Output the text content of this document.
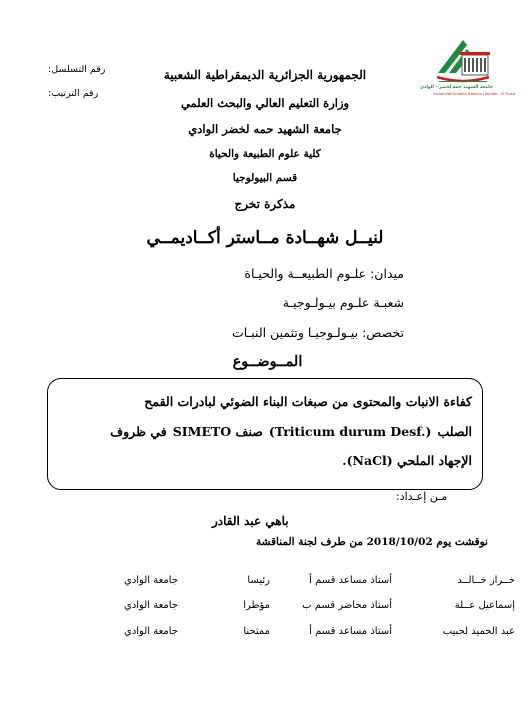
رقم التسلسل:
رقم الترتيب:
جامعة الشهيد حمه لخضر - الوادي
Université Echahid Hamma Lakhdar - El Oued
الجمهورية الجزائرية الديمقراطية الشعبية
وزارة التعليم العالي والبحث العلمي
جامعة الشهيد حمه لخضر الوادي
كلية علوم الطبيعة والحياة
قسم البيولوجيا
مذكرة تخرج
لنيــل شهــادة مــاستر أكــاديمــي
ميدان: علـوم الطبيعــة والحيـاة
شعبـة علـوم بيـولـوجيـة
تخصص: بيـولـوجيـا وتثمين النبـات
المــوضــوع
كفاءة الانبات والمحتوى من صبغات البناء الضوئي لبادرات القمح
الصلب
(Triticum durum Desf.)
صنف SIMETO
في ظروف
الإجهاد الملحي (NaCl).
مـن إعـداد:
باهي عبد القادر
نوقشت يوم 2018/10/02 من طرف لجنة المناقشة
خــراز خــالــد
أستاذ مساعد قسم أ
رئيسا
جامعة الوادي
إسماعيل عــلة
أستاذ محاضر قسم ب
مؤطرا
جامعة الوادي
عبد الحميد لحبيب
أستاذ مساعد قسم أ
ممتحنا
جامعة الوادي
